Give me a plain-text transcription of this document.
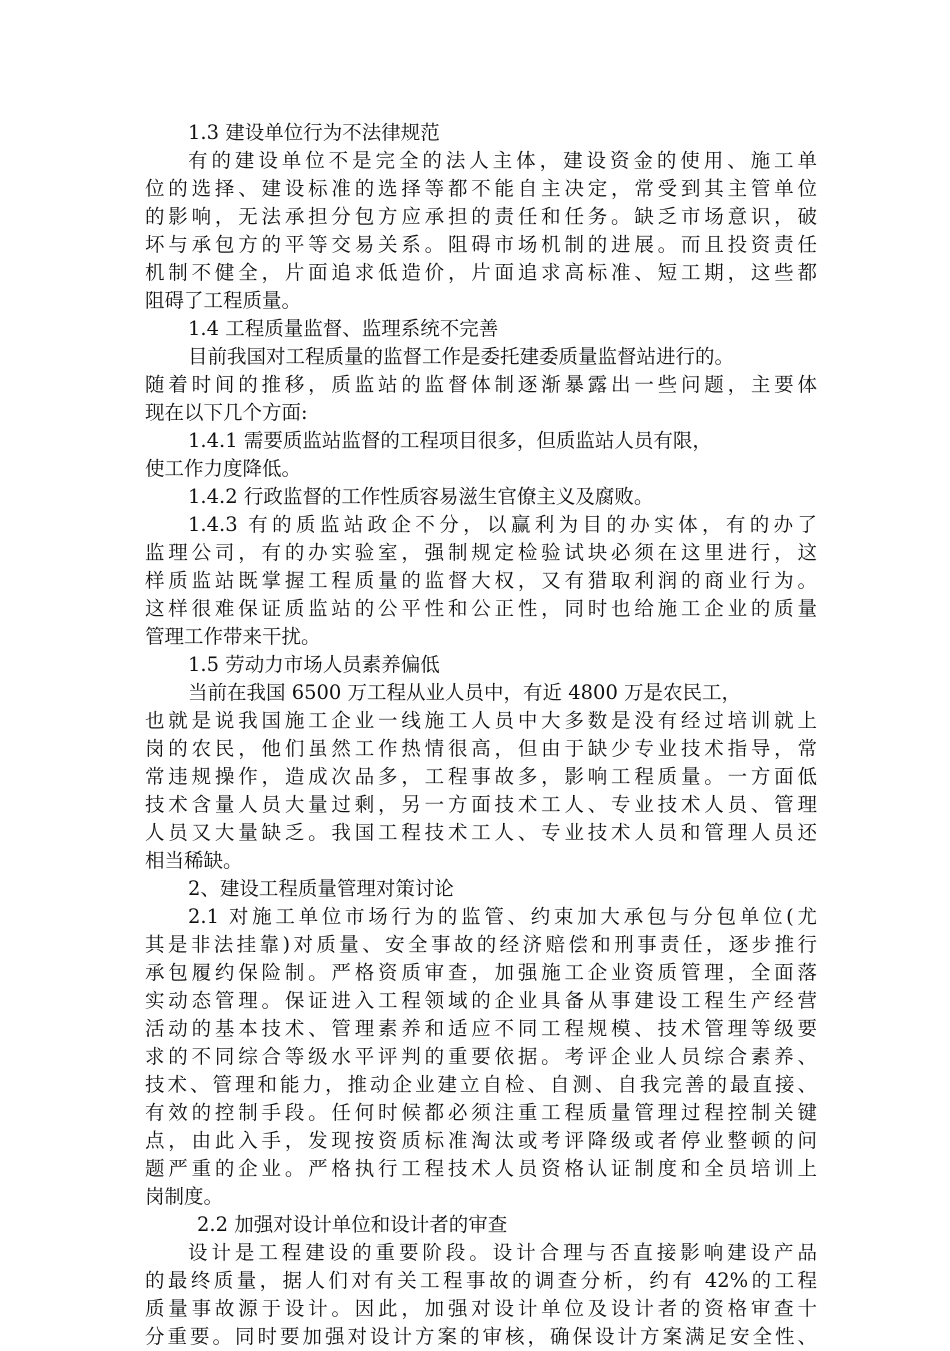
1.3 建设单位行为不法律规范
有的建设单位不是完全的法人主体，建设资金的使用、施工单
位的选择、建设标准的选择等都不能自主决定，常受到其主管单位
的影响，无法承担分包方应承担的责任和任务。缺乏市场意识，破
坏与承包方的平等交易关系。阻碍市场机制的进展。而且投资责任
机制不健全，片面追求低造价，片面追求高标准、短工期，这些都
阻碍了工程质量。
1.4 工程质量监督、监理系统不完善
目前我国对工程质量的监督工作是委托建委质量监督站进行的。
随着时间的推移，质监站的监督体制逐渐暴露出一些问题，主要体
现在以下几个方面:
1.4.1 需要质监站监督的工程项目很多，但质监站人员有限，
使工作力度降低。
1.4.2 行政监督的工作性质容易滋生官僚主义及腐败。
1.4.3 有的质监站政企不分，以赢利为目的办实体，有的办了
监理公司，有的办实验室，强制规定检验试块必须在这里进行，这
样质监站既掌握工程质量的监督大权，又有猎取利润的商业行为。
这样很难保证质监站的公平性和公正性，同时也给施工企业的质量
管理工作带来干扰。
1.5 劳动力市场人员素养偏低
当前在我国 6500 万工程从业人员中，有近 4800 万是农民工，
也就是说我国施工企业一线施工人员中大多数是没有经过培训就上
岗的农民，他们虽然工作热情很高，但由于缺少专业技术指导，常
常违规操作，造成次品多，工程事故多，影响工程质量。一方面低
技术含量人员大量过剩，另一方面技术工人、专业技术人员、管理
人员又大量缺乏。我国工程技术工人、专业技术人员和管理人员还
相当稀缺。
2、建设工程质量管理对策讨论
2.1 对施工单位市场行为的监管、约束加大承包与分包单位(尤
其是非法挂靠)对质量、安全事故的经济赔偿和刑事责任，逐步推行
承包履约保险制。严格资质审查，加强施工企业资质管理，全面落
实动态管理。保证进入工程领域的企业具备从事建设工程生产经营
活动的基本技术、管理素养和适应不同工程规模、技术管理等级要
求的不同综合等级水平评判的重要依据。考评企业人员综合素养、
技术、管理和能力，推动企业建立自检、自测、自我完善的最直接、
有效的控制手段。任何时候都必须注重工程质量管理过程控制关键
点，由此入手，发现按资质标准淘汰或考评降级或者停业整顿的问
题严重的企业。严格执行工程技术人员资格认证制度和全员培训上
岗制度。
2.2 加强对设计单位和设计者的审查
设计是工程建设的重要阶段。设计合理与否直接影响建设产品
的最终质量，据人们对有关工程事故的调查分析，约有 42%的工程
质量事故源于设计。因此，加强对设计单位及设计者的资格审查十
分重要。同时要加强对设计方案的审核，确保设计方案满足安全性、
